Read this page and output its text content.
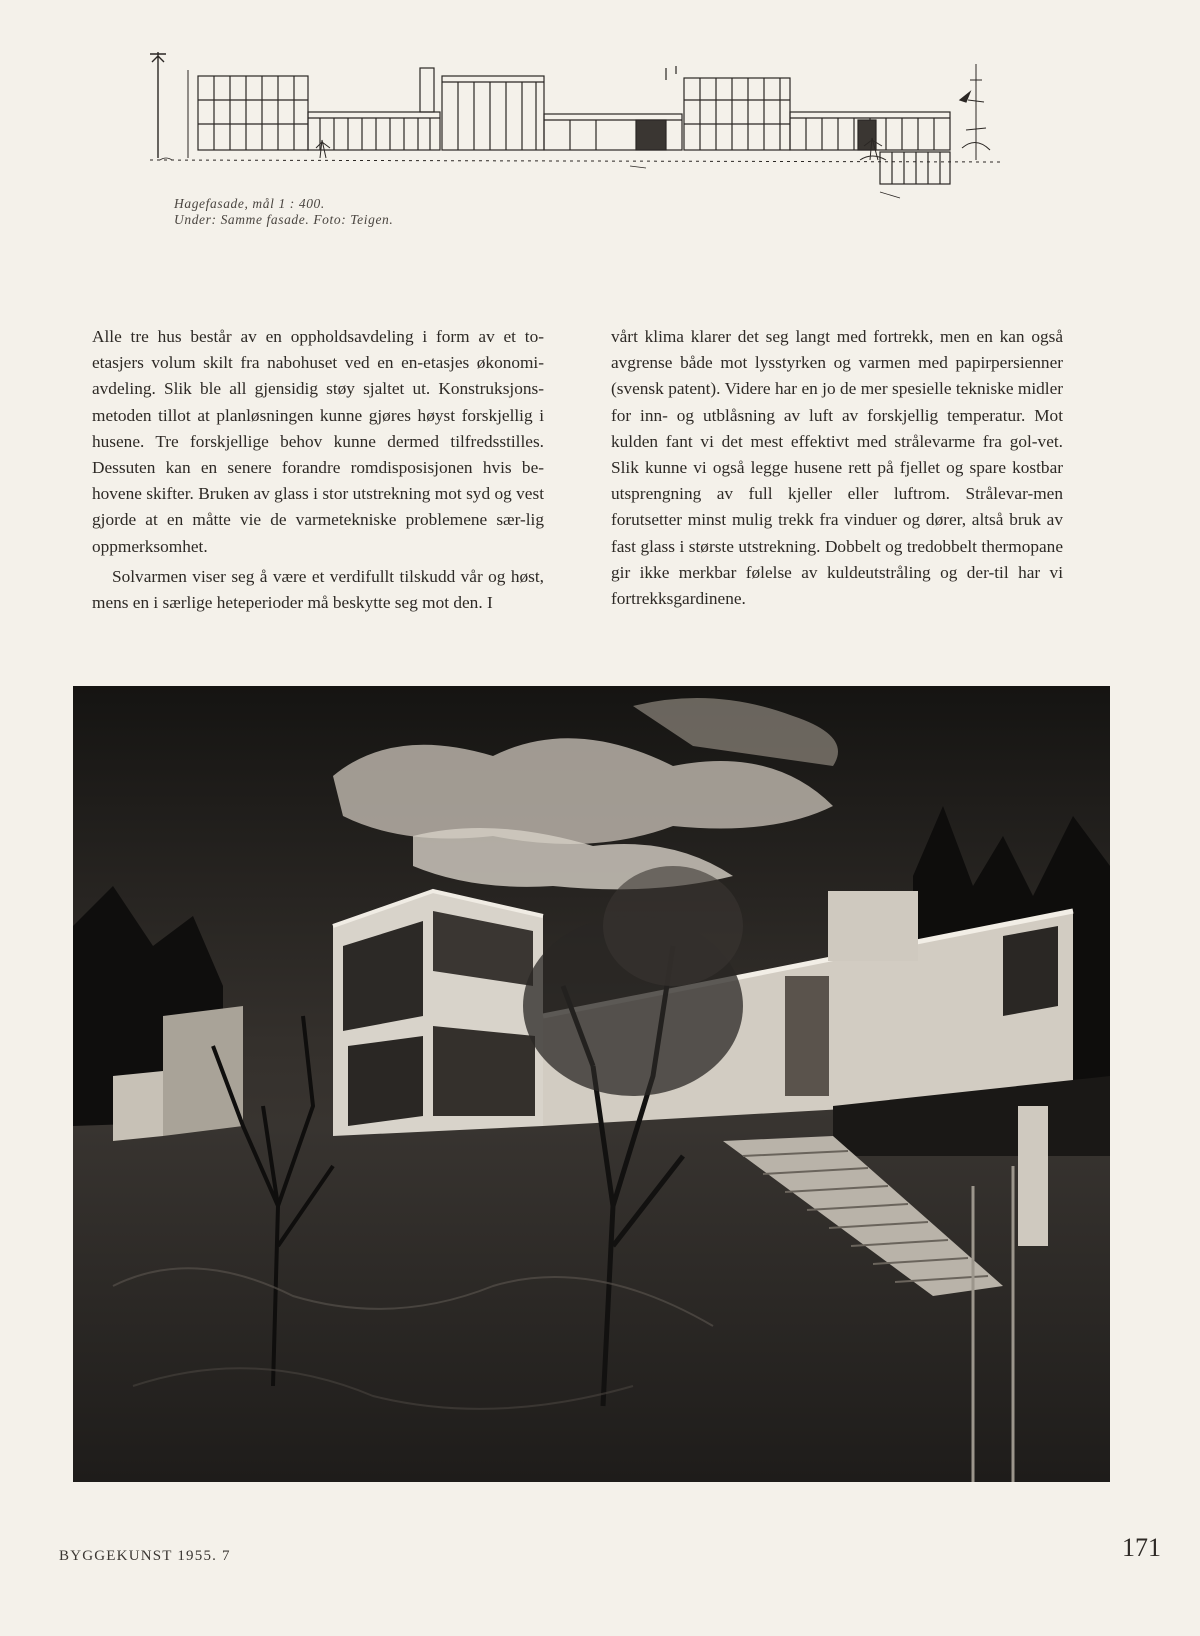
Hagefasade, mål 1 : 400.
Under: Samme fasade. Foto: Teigen.

Alle tre hus består av en oppholdsavdeling i form av et to-etasjers volum skilt fra nabohuset ved en en-etasjes økonomi-avdeling. Slik ble all gjensidig støy sjaltet ut. Konstruksjons-metoden tillot at planløsningen kunne gjøres høyst forskjellig i husene. Tre forskjellige behov kunne dermed tilfredsstilles. Dessuten kan en senere forandre romdisposisjonen hvis be-hovene skifter. Bruken av glass i stor utstrekning mot syd og vest gjorde at en måtte vie de varmetekniske problemene sær-lig oppmerksomhet.

Solvarmen viser seg å være et verdifullt tilskudd vår og høst, mens en i særlige heteperioder må beskytte seg mot den. I

vårt klima klarer det seg langt med fortrekk, men en kan også avgrense både mot lysstyrken og varmen med papirpersienner (svensk patent). Videre har en jo de mer spesielle tekniske midler for inn- og utblåsning av luft av forskjellig temperatur. Mot kulden fant vi det mest effektivt med strålevarme fra gol-vet. Slik kunne vi også legge husene rett på fjellet og spare kostbar utsprengning av full kjeller eller luftrom. Strålevar-men forutsetter minst mulig trekk fra vinduer og dører, altså bruk av fast glass i største utstrekning. Dobbelt og tredobbelt thermopane gir ikke merkbar følelse av kuldeutstråling og der-til har vi fortrekksgardinene.

BYGGEKUNST 1955. 7	171
